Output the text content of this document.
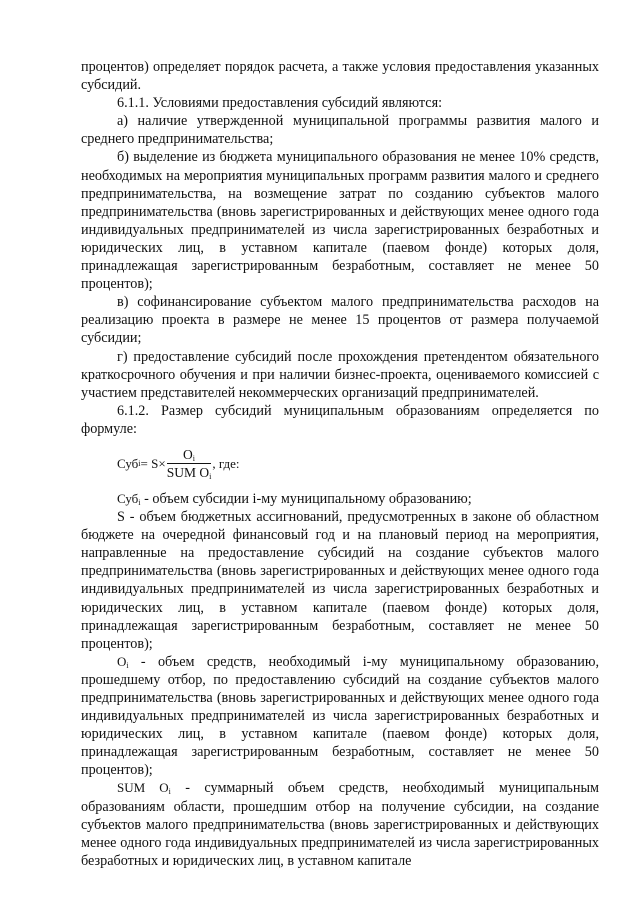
процентов) определяет порядок расчета, а также условия предоставления указанных субсидий.

6.1.1. Условиями предоставления субсидий являются:

а) наличие утвержденной муниципальной программы развития малого и среднего предпринимательства;

б) выделение из бюджета муниципального образования не менее 10% средств, необходимых на мероприятия муниципальных программ развития малого и среднего предпринимательства, на возмещение затрат по созданию субъектов малого предпринимательства (вновь зарегистрированных и действующих менее одного года индивидуальных предпринимателей из числа зарегистрированных безработных и юридических лиц, в уставном капитале (паевом фонде) которых доля, принадлежащая зарегистрированным безработным, составляет не менее 50 процентов);

в) софинансирование субъектом малого предпринимательства расходов на реализацию проекта в размере не менее 15 процентов от размера получаемой субсидии;

г) предоставление субсидий после прохождения претендентом обязательного краткосрочного обучения и при наличии бизнес-проекта, оцениваемого комиссией с участием представителей некоммерческих организаций предпринимателей.

6.1.2. Размер субсидий муниципальным образованиям определяется по формуле:

Суб $i = S \times \frac{O_i}{SUM O_i}$ , где:

Суб$_i$ - объем субсидии i-му муниципальному образованию;

S - объем бюджетных ассигнований, предусмотренных в законе об областном бюджете на очередной финансовый год и на плановый период на мероприятия, направленные на предоставление субсидий на создание субъектов малого предпринимательства (вновь зарегистрированных и действующих менее одного года индивидуальных предпринимателей из числа зарегистрированных безработных и юридических лиц, в уставном капитале (паевом фонде) которых доля, принадлежащая зарегистрированным безработным, составляет не менее 50 процентов);

$O_i$ - объем средств, необходимый i-му муниципальному образованию, прошедшему отбор, по предоставлению субсидий на создание субъектов малого предпринимательства (вновь зарегистрированных и действующих менее одного года индивидуальных предпринимателей из числа зарегистрированных безработных и юридических лиц, в уставном капитале (паевом фонде) которых доля, принадлежащая зарегистрированным безработным, составляет не менее 50 процентов);

SUM $O_i$ - суммарный объем средств, необходимый муниципальным образованиям области, прошедшим отбор на получение субсидии, на создание субъектов малого предпринимательства (вновь зарегистрированных и действующих менее одного года индивидуальных предпринимателей из числа зарегистрированных безработных и юридических лиц, в уставном капитале
